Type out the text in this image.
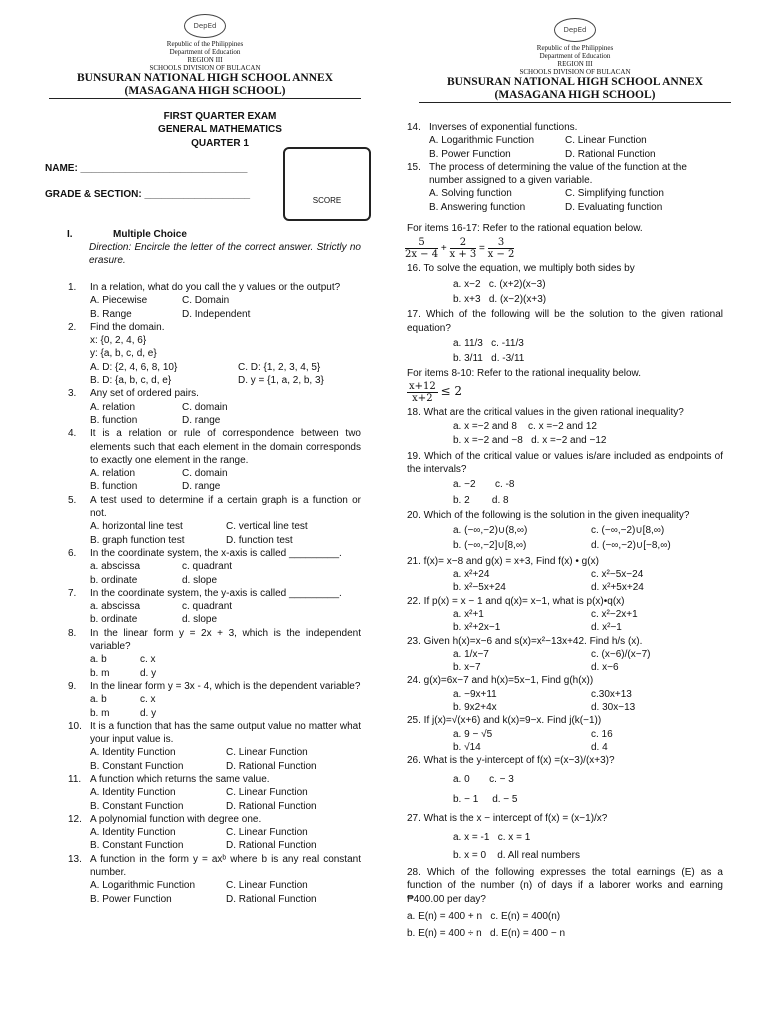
DepEd
Republic of the Philippines
Department of Education
REGION III
SCHOOLS DIVISION OF BULACAN
BUNSURAN NATIONAL HIGH SCHOOL ANNEX
(MASAGANA HIGH SCHOOL)
DepEd
Republic of the Philippines
Department of Education
REGION III
SCHOOLS DIVISION OF BULACAN
BUNSURAN NATIONAL HIGH SCHOOL ANNEX
(MASAGANA HIGH SCHOOL)
FIRST QUARTER EXAM
GENERAL MATHEMATICS
QUARTER 1
NAME: ______________________________
GRADE & SECTION: ___________________
SCORE
I.	Multiple Choice
Direction: Encircle the letter of the correct answer. Strictly no erasure.
1. In a relation, what do you call the y values or the output?
A. Piecewise	C. Domain
B. Range	D. Independent
2. Find the domain.
x: {0, 2, 4, 6}
y: {a, b, c, d, e}
A. D: {2, 4, 6, 8, 10}	C. D: {1, 2, 3, 4, 5}
B. D: {a, b, c, d, e}	D. y = {1, a, 2, b, 3}
3. Any set of ordered pairs.
A. relation	C. domain
B. function	D. range
4. It is a relation or rule of correspondence between two elements such that each element in the domain corresponds to exactly one element in the range.
A. relation	C. domain
B. function	D. range
5. A test used to determine if a certain graph is a function or not.
A. horizontal line test	C. vertical line test
B. graph function test	D. function test
6. In the coordinate system, the x-axis is called _________.
a. abscissa	c. quadrant
b. ordinate	d. slope
7. In the coordinate system, the y-axis is called _________.
a. abscissa	c. quadrant
b. ordinate	d. slope
8. In the linear form y = 2x + 3, which is the independent variable?
a. b	c. x
b. m	d. y
9. In the linear form y = 3x - 4, which is the dependent variable?
a. b	c. x
b. m	d. y
10. It is a function that has the same output value no matter what your input value is.
A. Identity Function	C. Linear Function
B. Constant Function	D. Rational Function
11. A function which returns the same value.
A. Identity Function	C. Linear Function
B. Constant Function	D. Rational Function
12. A polynomial function with degree one.
A. Identity Function	C. Linear Function
B. Constant Function	D. Rational Function
13. A function in the form y = axᵇ where b is any real constant number.
A. Logarithmic Function	C. Linear Function
B. Power Function	D. Rational Function
14. Inverses of exponential functions.
A. Logarithmic Function	C. Linear Function
B. Power Function	D. Rational Function
15. The process of determining the value of the function at the number assigned to a given variable.
A. Solving function	C. Simplifying function
B. Answering function	D. Evaluating function
For items 16-17: Refer to the rational equation below.
$\frac{5}{2x - 4} + \frac{2}{x + 3} = \frac{3}{x - 2}$
16. To solve the equation, we multiply both sides by
a. x−2   c. (x+2)(x−3)
b. x+3   d. (x−2)(x+3)
17. Which of the following will be the solution to the given rational equation?
a. 11/3   c. -11/3
b. 3/11   d. -3/11
For items 8-10: Refer to the rational inequality below.
$\frac{x+12}{x+2} \le 2$
18. What are the critical values in the given rational inequality?
a. x =−2 and 8    c. x =−2 and 12
b. x =−2 and −8   d. x =−2 and −12
19. Which of the critical value or values is/are included as endpoints of the intervals?
a. −2       c. -8
b. 2        d. 8
20. Which of the following is the solution in the given inequality?
a. (−∞,−2)∪(8,∞)	c. (−∞,−2)∪[8,∞)
b. (−∞,−2]∪[8,∞)	d. (−∞,−2)∪[−8,∞)
21. f(x)= x−8 and g(x) = x+3, Find f(x) • g(x)
a. x²+24	c. x²−5x−24
b. x²−5x+24	d. x²+5x+24
22. If p(x) = x − 1 and q(x)= x−1, what is p(x)•q(x)
a. x²+1	c. x²−2x+1
b. x²+2x−1	d. x²−1
23. Given h(x)=x−6 and s(x)=x²−13x+42. Find h/s (x).
a. 1/x−7	c. (x−6)/(x−7)
b. x−7	d. x−6
24. g(x)=6x−7 and h(x)=5x−1, Find g(h(x))
a. −9x+11	c.30x+13
b. 9x2+4x	d. 30x−13
25. If j(x)=√(x+6) and k(x)=9−x. Find j(k(−1))
a. 9 − √5	c. 16
b. √14	d. 4
26. What is the y-intercept of f(x) =(x−3)/(x+3)?
a. 0       c. − 3
b. − 1     d. − 5
27. What is the x − intercept of f(x) = (x−1)/x?
a. x = -1   c. x = 1
b. x = 0    d. All real numbers
28. Which of the following expresses the total earnings (E) as a function of the number (n) of days if a laborer works and earning ₱400.00 per day?
a. E(n) = 400 + n   c. E(n) = 400(n)
b. E(n) = 400 ÷ n   d. E(n) = 400 − n
